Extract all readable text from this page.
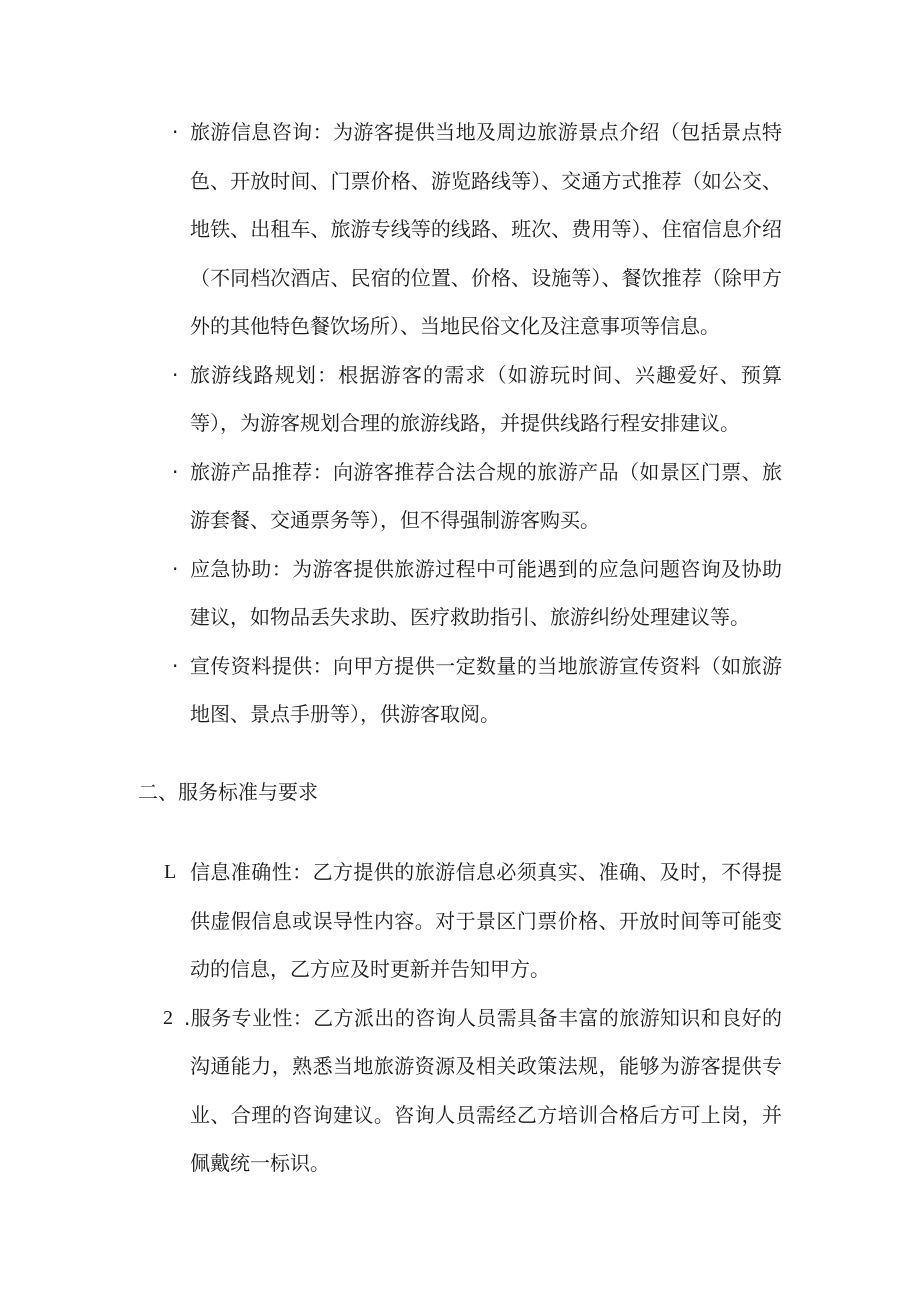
· 旅游信息咨询：为游客提供当地及周边旅游景点介绍（包括景点特色、开放时间、门票价格、游览路线等）、交通方式推荐（如公交、地铁、出租车、旅游专线等的线路、班次、费用等）、住宿信息介绍（不同档次酒店、民宿的位置、价格、设施等）、餐饮推荐（除甲方外的其他特色餐饮场所）、当地民俗文化及注意事项等信息。
· 旅游线路规划：根据游客的需求（如游玩时间、兴趣爱好、预算等），为游客规划合理的旅游线路，并提供线路行程安排建议。
· 旅游产品推荐：向游客推荐合法合规的旅游产品（如景区门票、旅游套餐、交通票务等），但不得强制游客购买。
· 应急协助：为游客提供旅游过程中可能遇到的应急问题咨询及协助建议，如物品丢失求助、医疗救助指引、旅游纠纷处理建议等。
· 宣传资料提供：向甲方提供一定数量的当地旅游宣传资料（如旅游地图、景点手册等），供游客取阅。
二、服务标准与要求
L 信息准确性：乙方提供的旅游信息必须真实、准确、及时，不得提供虚假信息或误导性内容。对于景区门票价格、开放时间等可能变动的信息，乙方应及时更新并告知甲方。
2 .服务专业性：乙方派出的咨询人员需具备丰富的旅游知识和良好的沟通能力，熟悉当地旅游资源及相关政策法规，能够为游客提供专业、合理的咨询建议。咨询人员需经乙方培训合格后方可上岗，并佩戴统一标识。
